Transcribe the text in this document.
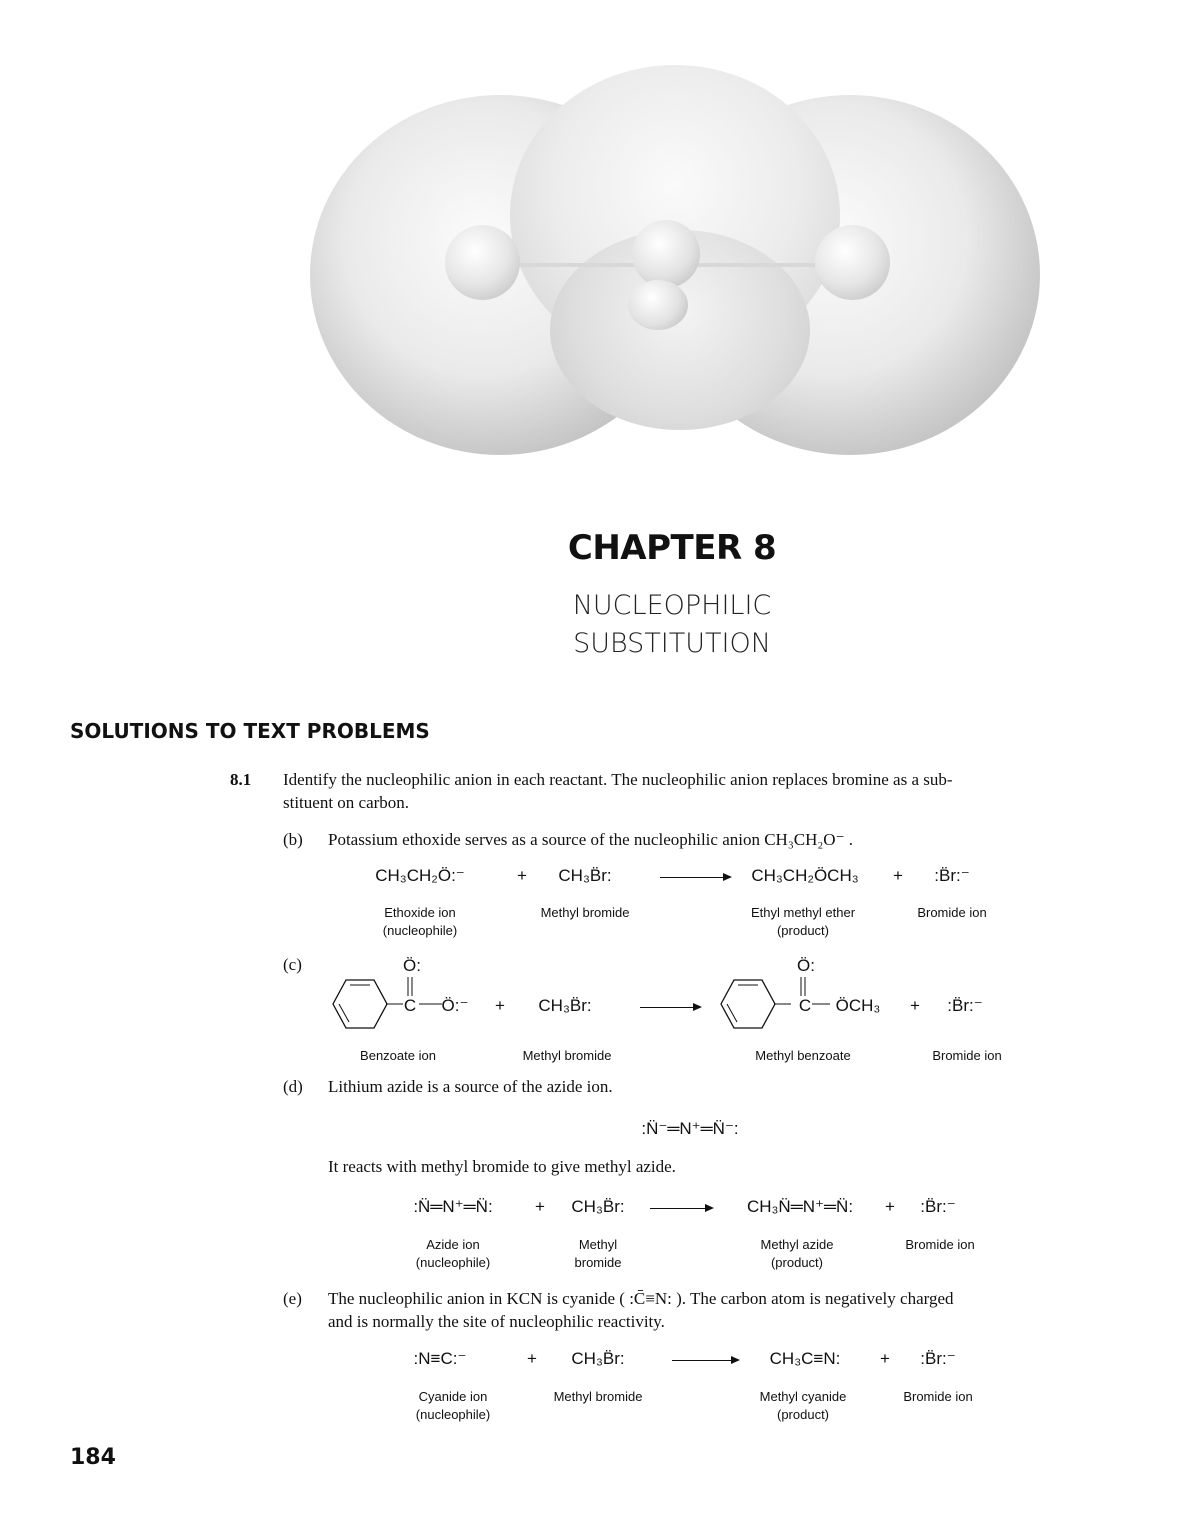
CHAPTER 8
NUCLEOPHILIC
SUBSTITUTION
SOLUTIONS TO TEXT PROBLEMS
8.1 Identify the nucleophilic anion in each reactant. The nucleophilic anion replaces bromine as a sub-
stituent on carbon.
(b) Potassium ethoxide serves as a source of the nucleophilic anion CH₃CH₂O⁻ .
CH₃CH₂Ö:⁻	+ CH₃B̈r:	CH₃CH₂ÖCH₃ + :B̈r:⁻
Ethoxide ion
(nucleophile)
Methyl bromide	Ethyl methyl ether
(product)
Bromide ion
(c)	Ö:
C Ö:⁻ + CH₃B̈r:
Ö:
C ÖCH₃ + :B̈r:⁻
Benzoate ion	Methyl bromide	Methyl benzoate	Bromide ion
(d) Lithium azide is a source of the azide ion.
:N̈⁻═N⁺═N̈⁻:
It reacts with methyl bromide to give methyl azide.
:N̈═N⁺═N̈: + CH₃B̈r:	CH₃N̈═N⁺═N̈: + :B̈r:⁻
Azide ion
(nucleophile)
Methyl
bromide
Methyl azide
(product)
Bromide ion
(e) The nucleophilic anion in KCN is cyanide ( :C̄≡N: ). The carbon atom is negatively charged
and is normally the site of nucleophilic reactivity.
:N≡C:⁻	+ CH₃B̈r:	CH₃C≡N: + :B̈r:⁻
Cyanide ion
(nucleophile)
Methyl bromide	Methyl cyanide
(product)
Bromide ion
184
